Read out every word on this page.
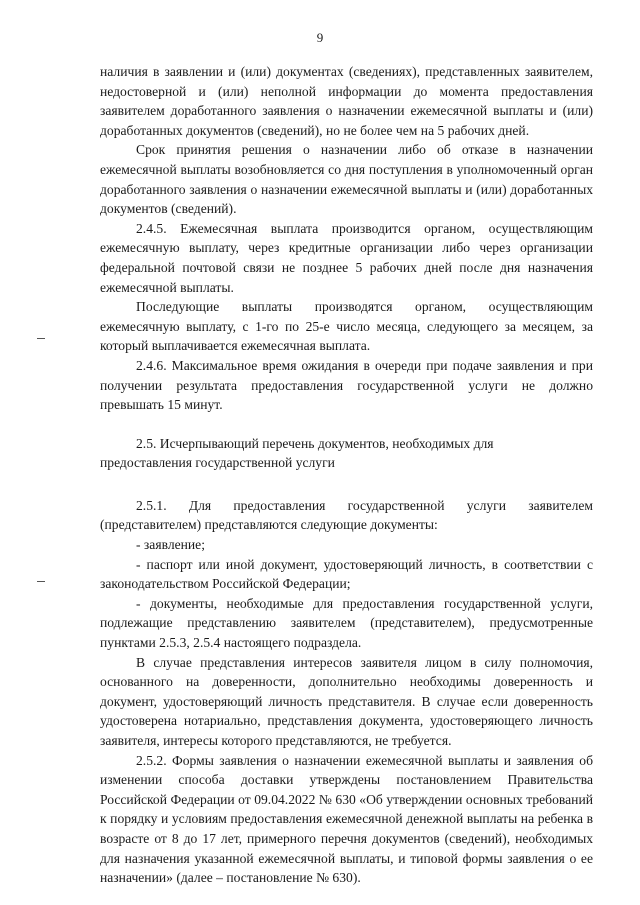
9

наличия в заявлении и (или) документах (сведениях), представленных заявителем, недостоверной и (или) неполной информации до момента предоставления заявителем доработанного заявления о назначении ежемесячной выплаты и (или) доработанных документов (сведений), но не более чем на 5 рабочих дней.

Срок принятия решения о назначении либо об отказе в назначении ежемесячной выплаты возобновляется со дня поступления в уполномоченный орган доработанного заявления о назначении ежемесячной выплаты и (или) доработанных документов (сведений).

2.4.5. Ежемесячная выплата производится органом, осуществляющим ежемесячную выплату, через кредитные организации либо через организации федеральной почтовой связи не позднее 5 рабочих дней после дня назначения ежемесячной выплаты.

Последующие выплаты производятся органом, осуществляющим ежемесячную выплату, с 1-го по 25-е число месяца, следующего за месяцем, за который выплачивается ежемесячная выплата.

2.4.6. Максимальное время ожидания в очереди при подаче заявления и при получении результата предоставления государственной услуги не должно превышать 15 минут.

2.5. Исчерпывающий перечень документов, необходимых для предоставления государственной услуги

2.5.1. Для предоставления государственной услуги заявителем (представителем) представляются следующие документы:

- заявление;

- паспорт или иной документ, удостоверяющий личность, в соответствии с законодательством Российской Федерации;

- документы, необходимые для предоставления государственной услуги, подлежащие представлению заявителем (представителем), предусмотренные пунктами 2.5.3, 2.5.4 настоящего подраздела.

В случае представления интересов заявителя лицом в силу полномочия, основанного на доверенности, дополнительно необходимы доверенность и документ, удостоверяющий личность представителя. В случае если доверенность удостоверена нотариально, представления документа, удостоверяющего личность заявителя, интересы которого представляются, не требуется.

2.5.2. Формы заявления о назначении ежемесячной выплаты и заявления об изменении способа доставки утверждены постановлением Правительства Российской Федерации от 09.04.2022 № 630 «Об утверждении основных требований к порядку и условиям предоставления ежемесячной денежной выплаты на ребенка в возрасте от 8 до 17 лет, примерного перечня документов (сведений), необходимых для назначения указанной ежемесячной выплаты, и типовой формы заявления о ее назначении» (далее – постановление № 630).
